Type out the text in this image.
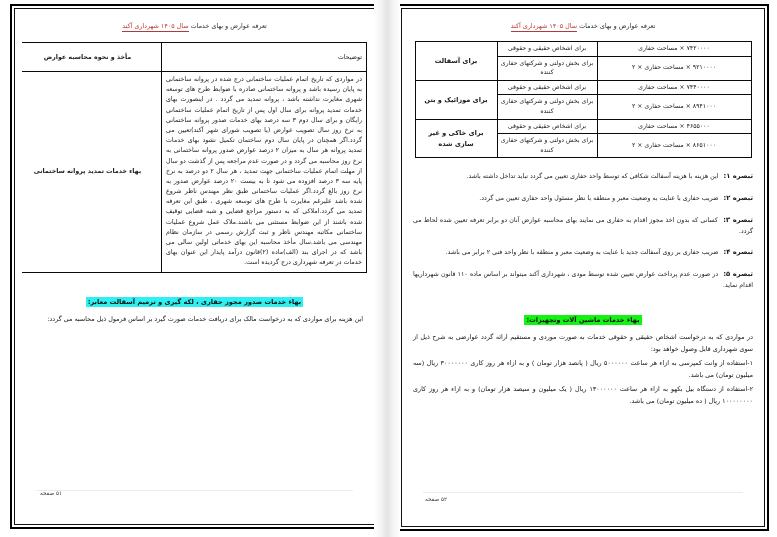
تعرفه عوارض و بهای خدمات سال ۱۴۰۵ شهرداری آکند
۷۴۲۰۰۰۰ × مساحت حفاری	برای اشخاص حقیقی و حقوقی	برای آسفالت
۹۲۱۰۰۰۰ × مساحت حفاری × ۲	برای بخش دولتی و شرکتهای حفاری کننده	
۷۴۴۰۰۰۰ × مساحت حفاری	برای اشخاص حقیقی و حقوقی	برای موزائیک و بتن
۸۹۴۱۰۰۰ × مساحت حفاری × ۲	برای بخش دولتی و شرکتهای حفاری کننده	
۴۶۵۵۰۰۰ × مساحت حفاری	برای اشخاص حقیقی و حقوقی	برای خاکی و غیر سازی شده
۸۶۵۱۰۰۰ × مساحت حفاری × ۲	برای بخش دولتی و شرکتهای حفاری کننده	

تبصره ۱: این هزینه با هزینه آسفالت شکافی که توسط واحد حفاری تعیین می گردد نباید تداخل داشته باشد.

تبصره ۲: ضریب حفاری با عنایت به وضعیت معبر و منطقه با نظر مسئول واحد حفاری تعیین می گردد.

تبصره ۳: کسانی که بدون اخذ مجوز اقدام به حفاری می نمایند بهای محاسبه عوارض آنان دو برابر تعرفه تعیین شده لحاظ می گردد.

تبصره ۴: ضریب حفاری بر روی آسفالت جدید با عنایت به وضعیت معبر و منطقه با نظر واحد فنی ۲ برابر می باشد.

تبصره ۵: در صورت عدم پرداخت عوارض تعیین شده توسط مودی ، شهرداری آکند میتواند بر اساس ماده ۱۱۰ قانون شهرداریها اقدام نماید.

بهاء خدمات ماشین آلات وتجهیزات:

در مواردی که به درخواست اشخاص حقیقی و حقوقی خدمات به صورت موردی و مستقیم ارائه گردد عوارضی به شرح ذیل از سوی شهرداری قابل وصول خواهد بود:

۱-استفاده از وانت کمپرسی به ازاء هر ساعت ۵۰۰۰۰۰۰ ریال ( پانصد هزار تومان ) و به ازاء هر روز کاری ۳۰۰۰۰۰۰۰ ریال (سه میلیون تومان) می باشد.

۲-استفاده از دستگاه بیل بکهو به ازاء هر ساعت ۱۳۰۰۰۰۰۰ ریال ( یک میلیون و سیصد هزار تومان) و به ازاء هر روز کاری ۱۰۰۰۰۰۰۰۰ ریال ( ده میلیون تومان) می باشد.

۵۲ صفحه
تعرفه عوارض و بهای خدمات سال ۱۴۰۵ شهرداری آکند
توضیحات	مأخذ و نحوه محاسبه عوارض
در مواردی که تاریخ اتمام عملیات ساختمانی درج شده در پروانه ساختمانی به پایان رسیده باشد و پروانه ساختمانی صادره با ضوابط طرح های توسعه شهری مغایرت نداشته باشد ، پروانه تمدید می گردد . در اینصورت بهای خدمات تمدید پروانه برای سال اول پس از تاریخ اتمام عملیات ساختمانی رایگان و برای سال دوم ۳ سه درصد بهای خدمات صدور پروانه ساختمانی به نرخ روز سال تصویب عوارض (یا تصویب شورای شهر آکند)تعیین می گردد.اگر همچنان در پایان سال دوم ساختمان تکمیل نشود بهای خدمات تمدید پروانه هر سال به میزان ۲ درصد عوارض صدور پروانه ساختمانی به نرخ روز محاسبه می گردد و در صورت عدم مراجعه پس از گذشت دو سال از مهلت اتمام عملیات ساختمانی جهت تمدید ، هر سال ۲ دو درصد به نرخ پایه سه ۳ درصد افزوده می شود تا به بیست ۲۰ درصد عوارض صدور به نرخ روز بالغ گردد.اگر عملیات ساختمانی طبق نظر مهندس ناظر شروع شده باشد علیرغم مغایرت با طرح های توسعه شهری ، طبق این تعرفه تمدید می گردد.املاکی که به دستور مراجع قضایی و شبه قضایی توقیف شده باشند از این ضوابط مستثنی می باشند.ملاک عمل شروع عملیات ساختمانی مکاتبه مهندس ناظر و ثبت گزارش رسمی در سازمان نظام مهندسی می باشد.سال مأخذ محاسبه این بهای خدماتی اولین سالی می باشد که در اجرای بند (الف)ماده (۲)قانون درآمد پایدار این عنوان بهای خدمات در تعرفه شهرداری درج گردیده است.	بهاء خدمات تمدید پروانه ساختمانی
بهاء خدمات صدور مجوز حفاری ، لکه گیری و ترمیم آسفالت معابر:

این هزینه برای مواردی که به درخواست مالک برای دریافت خدمات صورت گیرد بر اساس فرمول ذیل محاسبه می گردد:

۵۱ صفحه
